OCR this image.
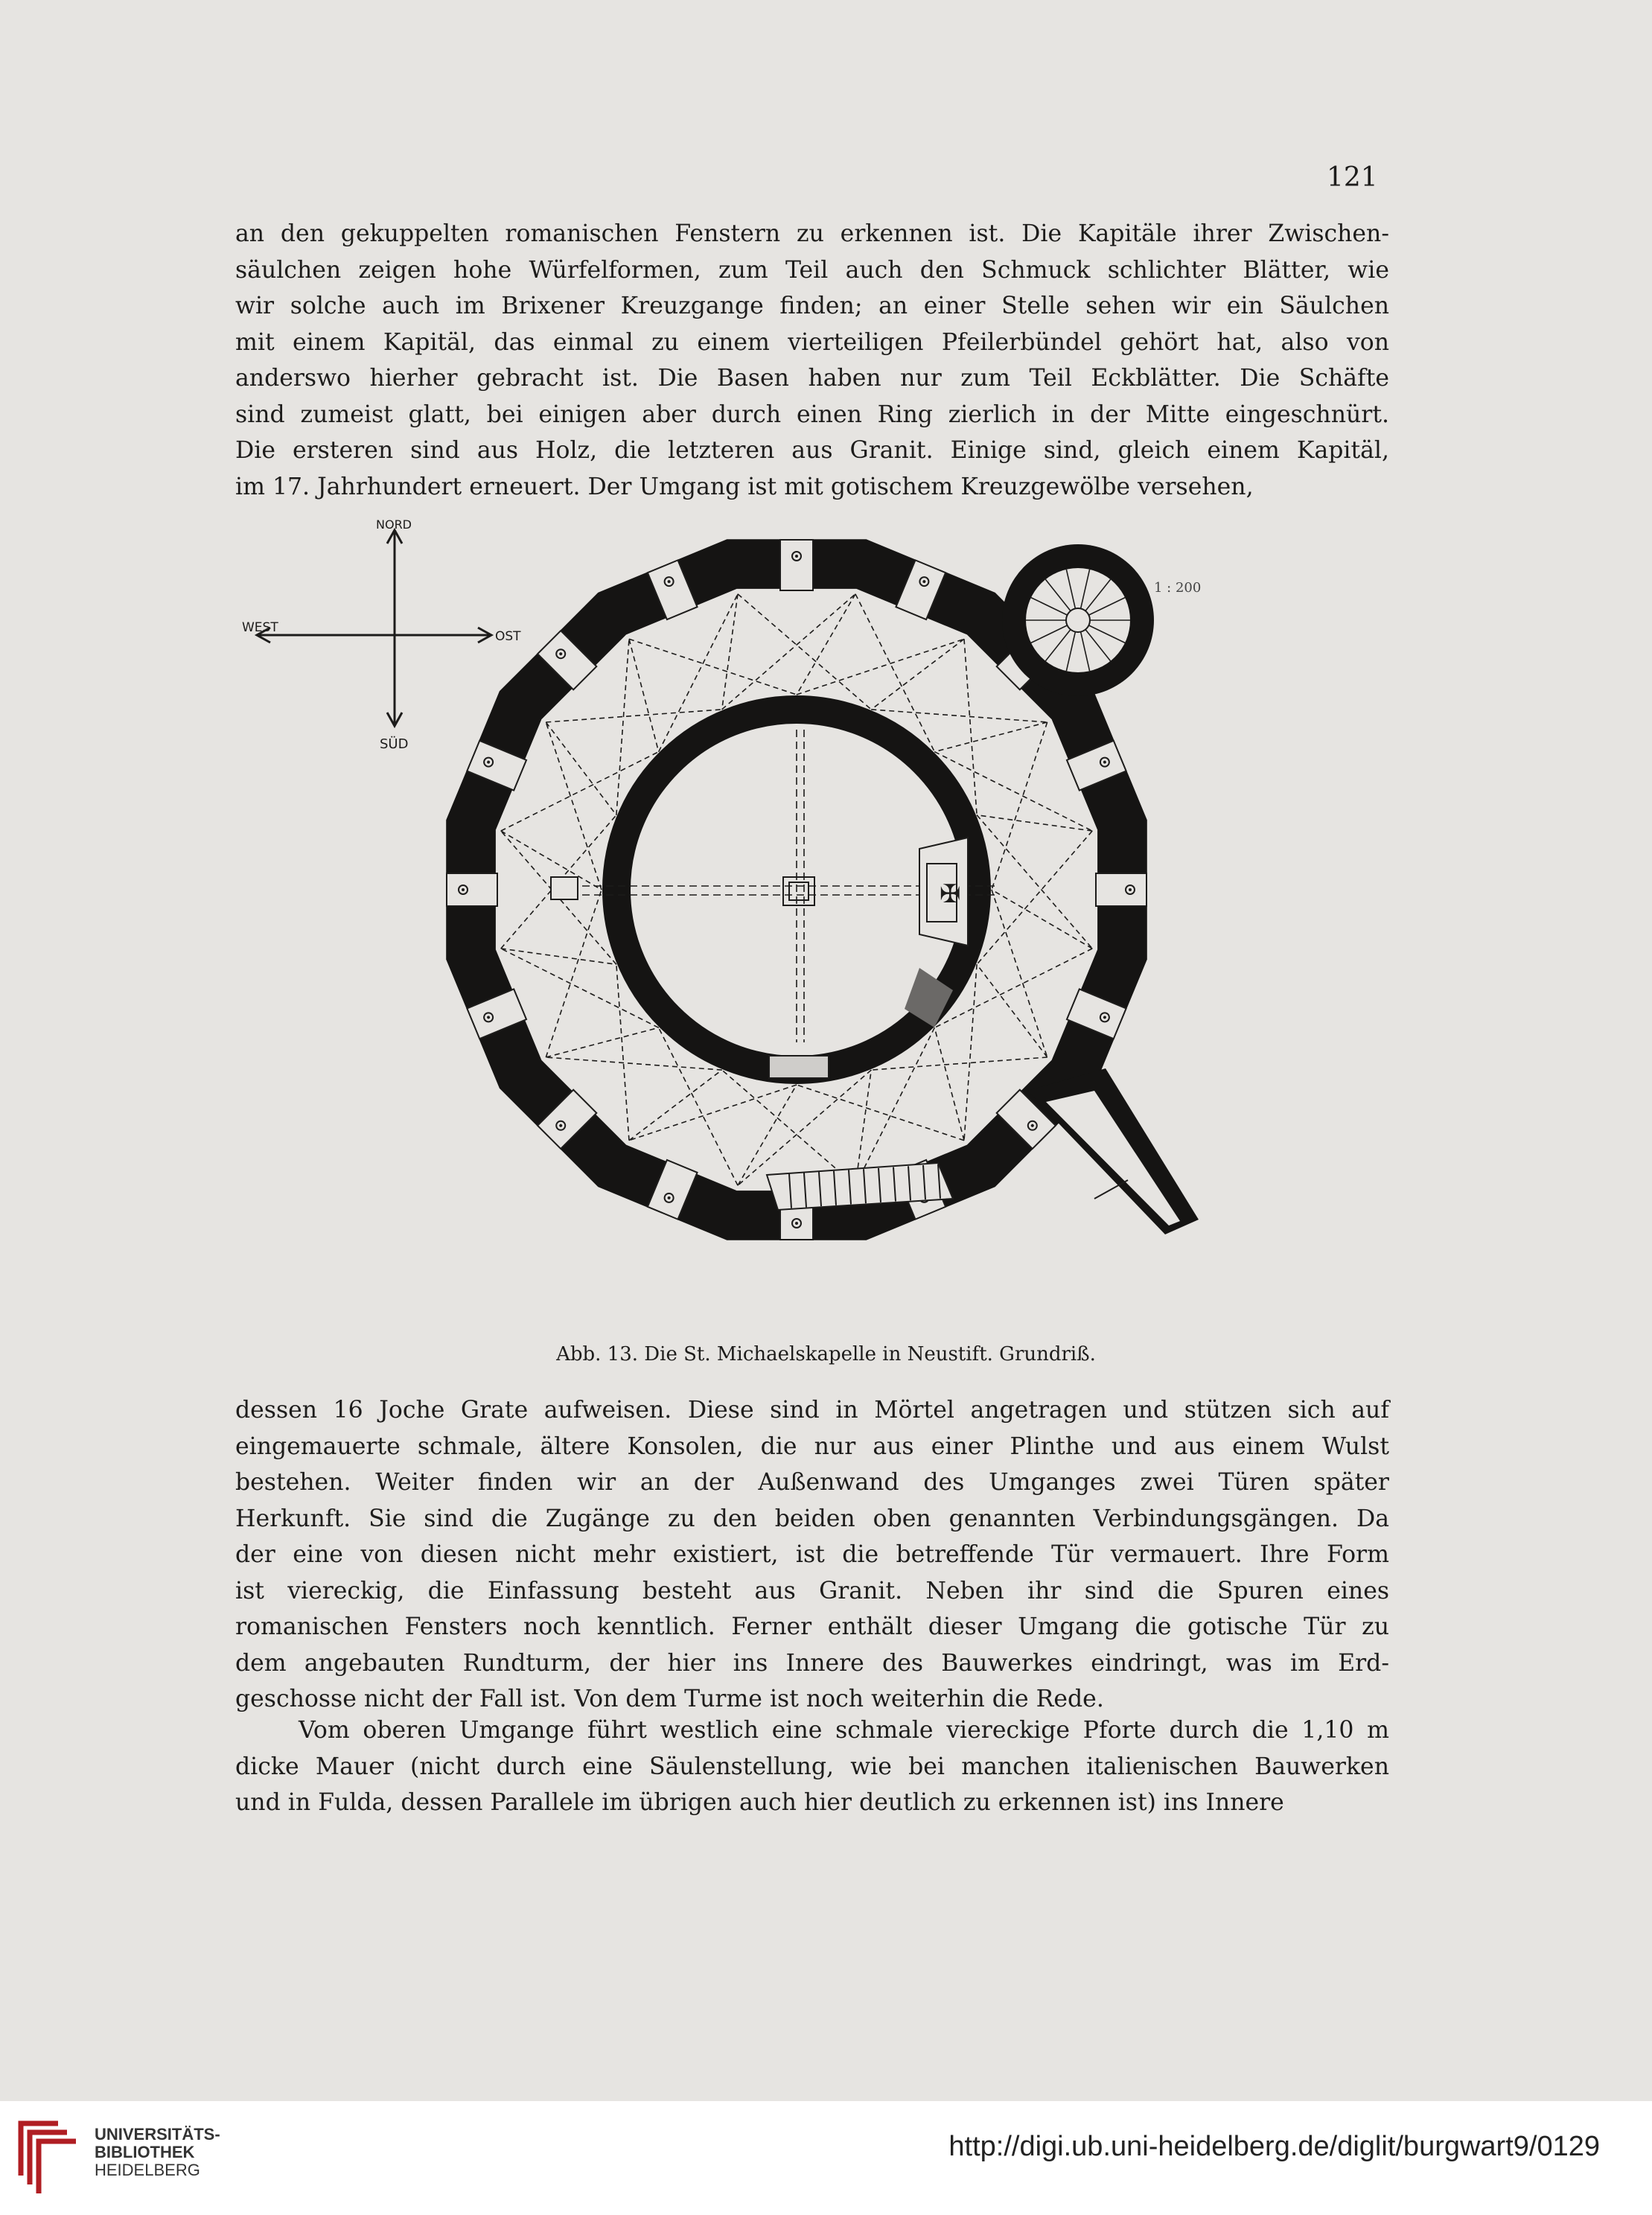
121
an den gekuppelten romanischen Fenstern zu erkennen ist. Die Kapitäle ihrer Zwischen-
säulchen zeigen hohe Würfelformen, zum Teil auch den Schmuck schlichter Blätter, wie
wir solche auch im Brixener Kreuzgange finden; an einer Stelle sehen wir ein Säulchen
mit einem Kapitäl, das einmal zu einem vierteiligen Pfeilerbündel gehört hat, also von
anderswo hierher gebracht ist. Die Basen haben nur zum Teil Eckblätter. Die Schäfte
sind zumeist glatt, bei einigen aber durch einen Ring zierlich in der Mitte eingeschnürt.
Die ersteren sind aus Holz, die letzteren aus Granit. Einige sind, gleich einem Kapitäl,
im 17. Jahrhundert erneuert. Der Umgang ist mit gotischem Kreuzgewölbe versehen,
NORD
SÜD
WEST
OST
1 : 200
✠
Abb. 13. Die St. Michaelskapelle in Neustift. Grundriß.
dessen 16 Joche Grate aufweisen. Diese sind in Mörtel angetragen und stützen sich auf
eingemauerte schmale, ältere Konsolen, die nur aus einer Plinthe und aus einem Wulst
bestehen. Weiter finden wir an der Außenwand des Umganges zwei Türen später
Herkunft. Sie sind die Zugänge zu den beiden oben genannten Verbindungsgängen. Da
der eine von diesen nicht mehr existiert, ist die betreffende Tür vermauert. Ihre Form
ist viereckig, die Einfassung besteht aus Granit. Neben ihr sind die Spuren eines
romanischen Fensters noch kenntlich. Ferner enthält dieser Umgang die gotische Tür zu
dem angebauten Rundturm, der hier ins Innere des Bauwerkes eindringt, was im Erd-
geschosse nicht der Fall ist. Von dem Turme ist noch weiterhin die Rede.
Vom oberen Umgange führt westlich eine schmale viereckige Pforte durch die 1,10 m
dicke Mauer (nicht durch eine Säulenstellung, wie bei manchen italienischen Bauwerken
und in Fulda, dessen Parallele im übrigen auch hier deutlich zu erkennen ist) ins Innere
UNIVERSITÄTS-
BIBLIOTHEK
HEIDELBERG
http://digi.ub.uni-heidelberg.de/diglit/burgwart9/0129
